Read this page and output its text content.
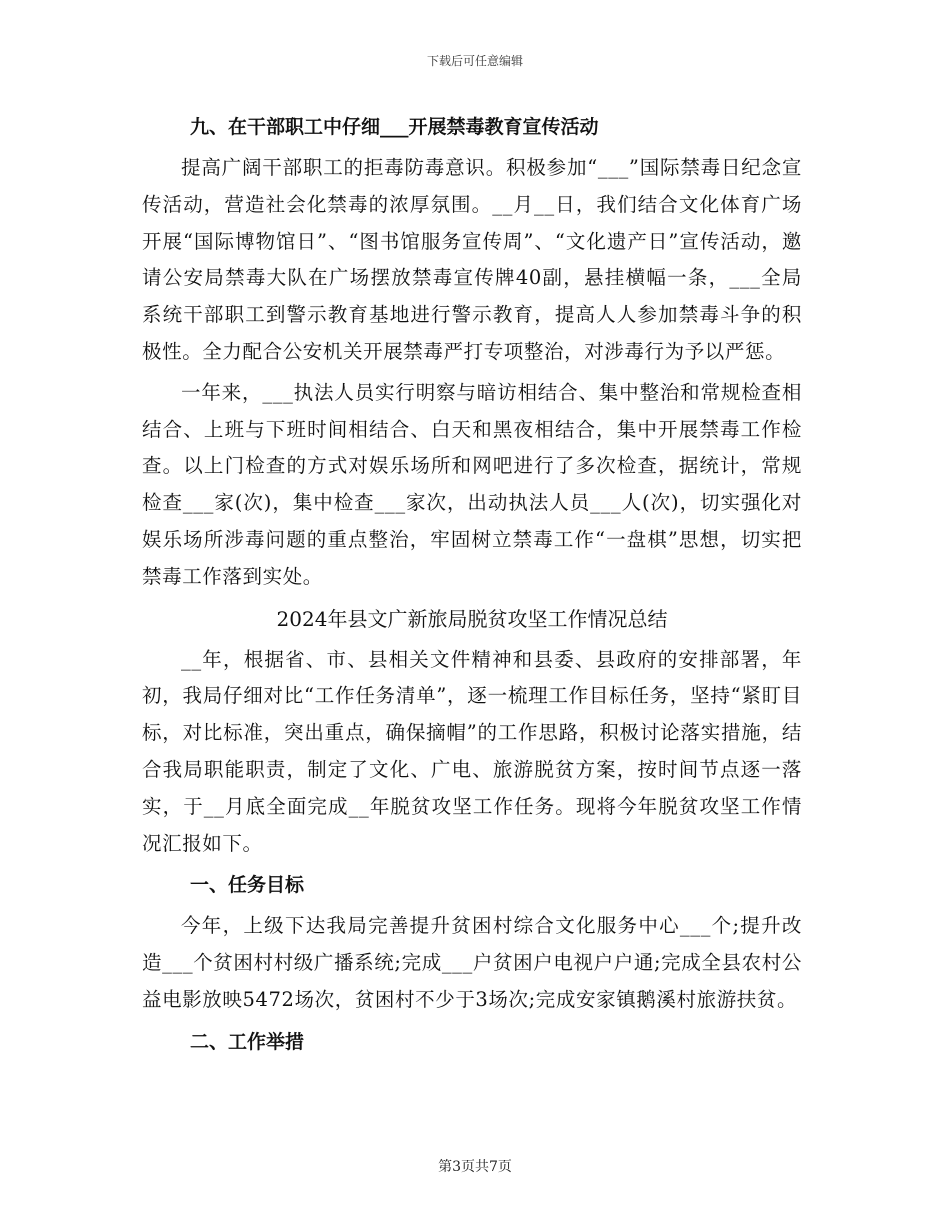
下载后可任意编辑
九、在干部职工中仔细___开展禁毒教育宣传活动
提高广阔干部职工的拒毒防毒意识。积极参加“___”国际禁毒日纪念宣传活动，营造社会化禁毒的浓厚氛围。__月__日，我们结合文化体育广场开展“国际博物馆日”、“图书馆服务宣传周”、“文化遗产日”宣传活动，邀请公安局禁毒大队在广场摆放禁毒宣传牌40副，悬挂横幅一条，___全局系统干部职工到警示教育基地进行警示教育，提高人人参加禁毒斗争的积极性。全力配合公安机关开展禁毒严打专项整治，对涉毒行为予以严惩。
一年来，___执法人员实行明察与暗访相结合、集中整治和常规检查相结合、上班与下班时间相结合、白天和黑夜相结合，集中开展禁毒工作检查。以上门检查的方式对娱乐场所和网吧进行了多次检查，据统计，常规检查___家(次)，集中检查___家次，出动执法人员___人(次)，切实强化对娱乐场所涉毒问题的重点整治，牢固树立禁毒工作“一盘棋”思想，切实把禁毒工作落到实处。
2024年县文广新旅局脱贫攻坚工作情况总结
__年，根据省、市、县相关文件精神和县委、县政府的安排部署，年初，我局仔细对比“工作任务清单”，逐一梳理工作目标任务，坚持“紧盯目标，对比标准，突出重点，确保摘帽”的工作思路，积极讨论落实措施，结合我局职能职责，制定了文化、广电、旅游脱贫方案，按时间节点逐一落实，于__月底全面完成__年脱贫攻坚工作任务。现将今年脱贫攻坚工作情况汇报如下。
一、任务目标
今年，上级下达我局完善提升贫困村综合文化服务中心___个;提升改造___个贫困村村级广播系统;完成___户贫困户电视户户通;完成全县农村公益电影放映5472场次，贫困村不少于3场次;完成安家镇鹅溪村旅游扶贫。
二、工作举措
第3页共7页
